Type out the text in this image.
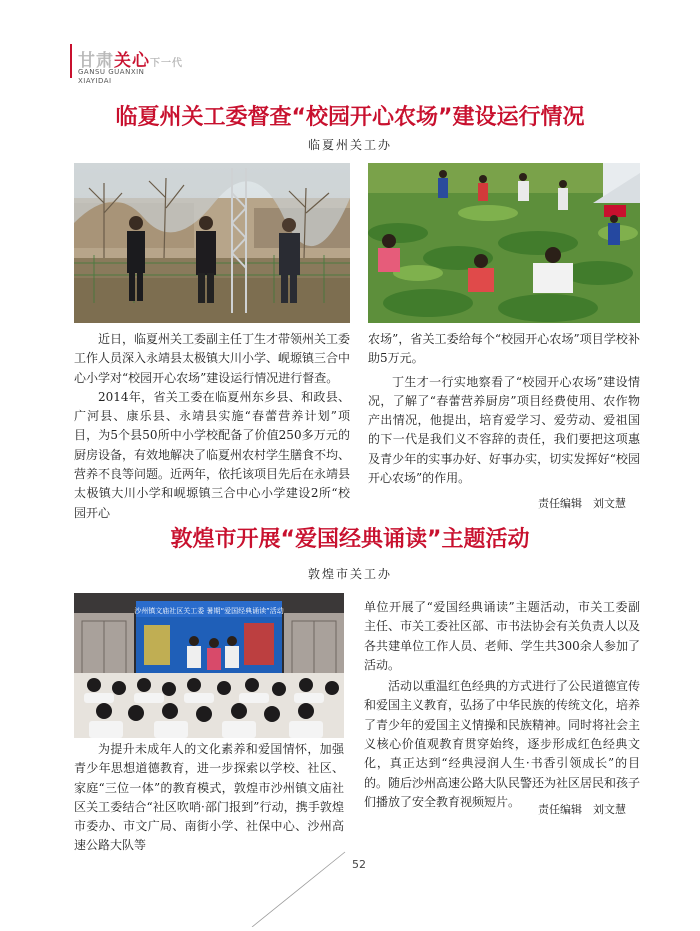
甘肃关心下一代
GANSU GUANXIN
XIAYIDAI
临夏州关工委督查“校园开心农场”建设运行情况
临夏州关工办

近日，临夏州关工委副主任丁生才带领州关工委工作人员深入永靖县太极镇大川小学、岘塬镇三合中心小学对“校园开心农场”建设运行情况进行督查。

2014年，省关工委在临夏州东乡县、和政县、广河县、康乐县、永靖县实施“春蕾营养计划”项目，为5个县50所中小学校配备了价值250多万元的厨房设备，有效地解决了临夏州农村学生膳食不均、营养不良等问题。近两年，依托该项目先后在永靖县太极镇大川小学和岘塬镇三合中心小学建设2所“校园开心

农场”，省关工委给每个“校园开心农场”项目学校补助5万元。

丁生才一行实地察看了“校园开心农场”建设情况，了解了“春蕾营养厨房”项目经费使用、农作物产出情况，他提出，培育爱学习、爱劳动、爱祖国的下一代是我们义不容辞的责任，我们要把这项惠及青少年的实事办好、好事办实，切实发挥好“校园开心农场”的作用。

责任编辑　刘文慧
敦煌市开展“爱国经典诵读”主题活动
敦煌市关工办
沙州镇文庙社区关工委 暑期“爱国经典诵读”活动

为提升未成年人的文化素养和爱国情怀，加强青少年思想道德教育，进一步探索以学校、社区、家庭“三位一体”的教育模式，敦煌市沙州镇文庙社区关工委结合“社区吹哨·部门报到”行动，携手敦煌市委办、市文广局、南街小学、社保中心、沙州高速公路大队等

单位开展了“爱国经典诵读”主题活动，市关工委副主任、市关工委社区部、市书法协会有关负责人以及各共建单位工作人员、老师、学生共300余人参加了活动。

活动以重温红色经典的方式进行了公民道德宣传和爱国主义教育，弘扬了中华民族的传统文化，培养了青少年的爱国主义情操和民族精神。同时将社会主义核心价值观教育贯穿始终，逐步形成红色经典文化，真正达到“经典浸润人生·书香引领成长”的目的。随后沙州高速公路大队民警还为社区居民和孩子们播放了安全教育视频短片。

责任编辑　刘文慧
52
